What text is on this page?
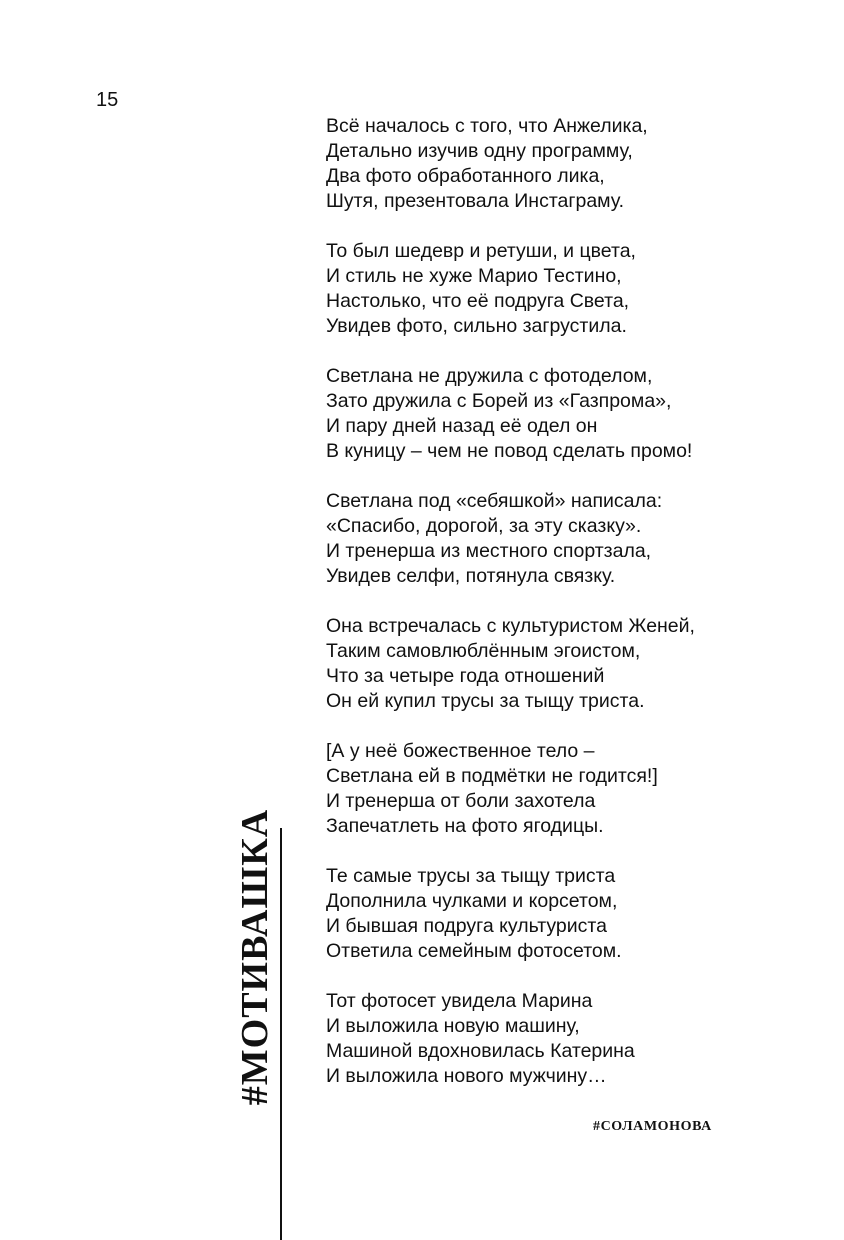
15
Всё началось с того, что Анжелика,
Детально изучив одну программу,
Два фото обработанного лика,
Шутя, презентовала Инстаграму.
То был шедевр и ретуши, и цвета,
И стиль не хуже Марио Тестино,
Настолько, что её подруга Света,
Увидев фото, сильно загрустила.
Светлана не дружила с фотоделом,
Зато дружила с Борей из «Газпрома»,
И пару дней назад её одел он
В куницу – чем не повод сделать промо!
Светлана под «себяшкой» написала:
«Спасибо, дорогой, за эту сказку».
И тренерша из местного спортзала,
Увидев селфи, потянула связку.
Она встречалась с культуристом Женей,
Таким самовлюблённым эгоистом,
Что за четыре года отношений
Он ей купил трусы за тыщу триста.
[А у неё божественное тело –
Светлана ей в подмётки не годится!]
И тренерша от боли захотела
Запечатлеть на фото ягодицы.
Те самые трусы за тыщу триста
Дополнила чулками и корсетом,
И бывшая подруга культуриста
Ответила семейным фотосетом.
Тот фотосет увидела Марина
И выложила новую машину,
Машиной вдохновилась Катерина
И выложила нового мужчину…
#МОТИВАШКА
#СОЛАМОНОВА
